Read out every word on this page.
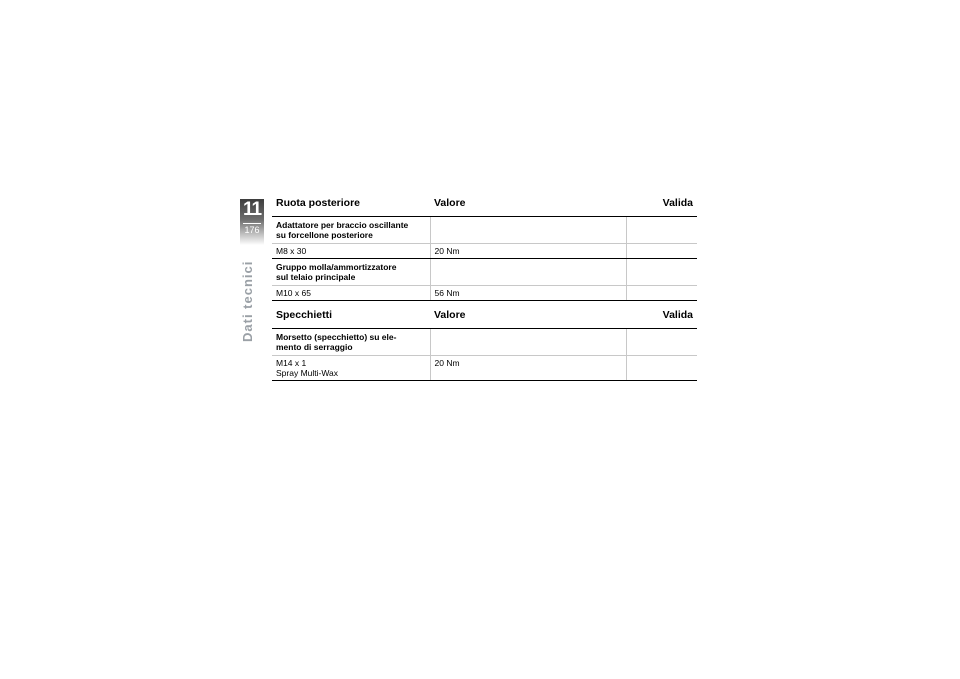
11
176
Dati tecnici
Ruota posteriore	Valore	Valida

Adattatore per braccio oscillante
su forcellone posteriore		

M8 x 30	20 Nm	

Gruppo molla/ammortizzatore
sul telaio principale		

M10 x 65	56 Nm	
Specchietti	Valore	Valida

Morsetto (specchietto) su ele-
mento di serraggio		

M14 x 1
Spray Multi-Wax	20 Nm	
